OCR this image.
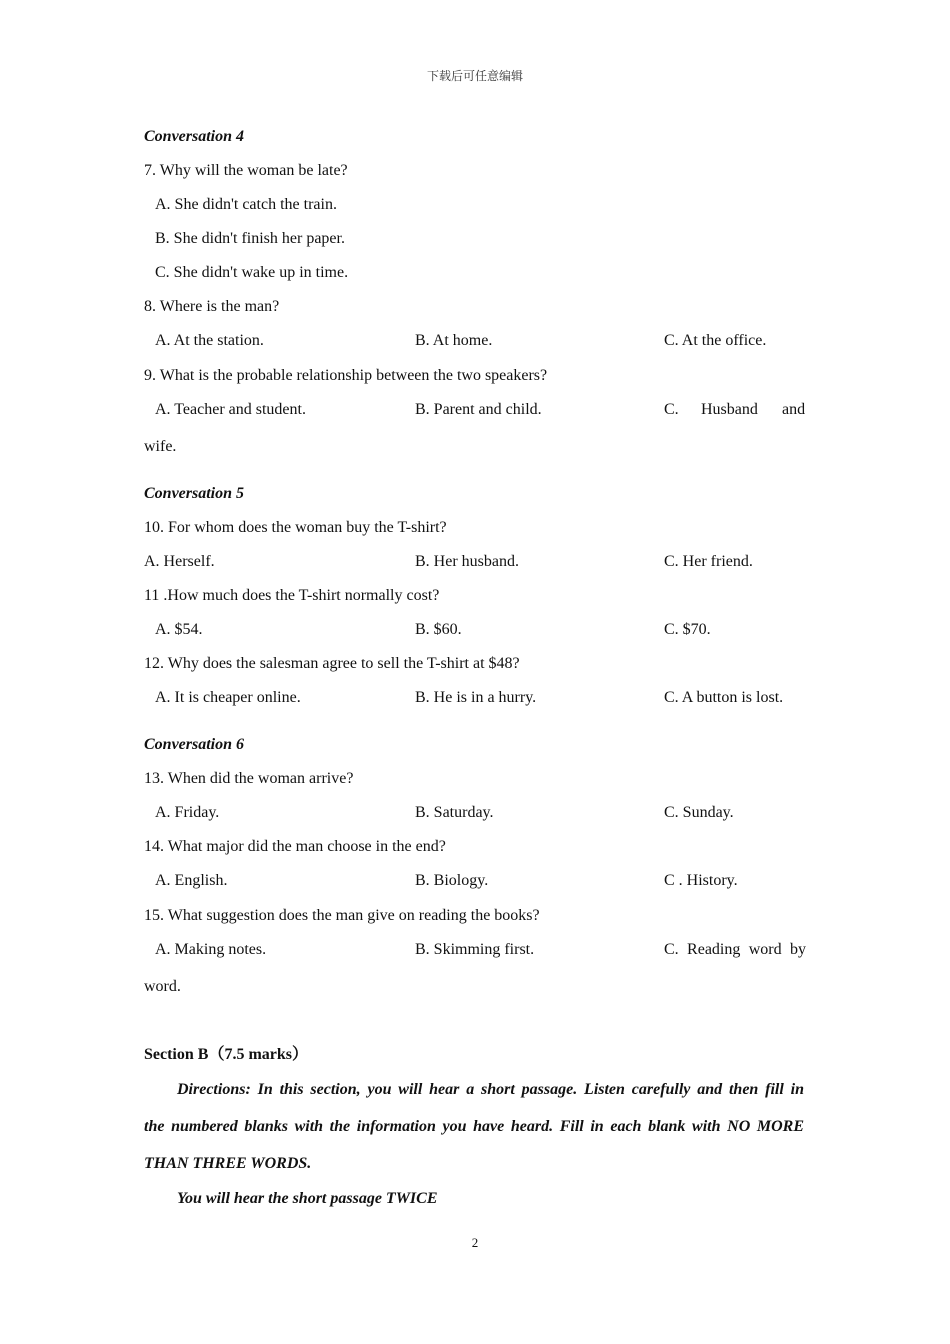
下载后可任意编辑
Conversation 4
7. Why will the woman be late?
A. She didn't catch the train.
B. She didn't finish her paper.
C. She didn't wake up in time.
8. Where is the man?
A. At the station.	B. At home.	C. At the office.
9. What is the probable relationship between the two speakers?
A. Teacher and student.	B. Parent and child.	C. Husband and
wife.
Conversation 5
10. For whom does the woman buy the T-shirt?
A. Herself.	B. Her husband.	C. Her friend.
11 .How much does the T-shirt normally cost?
A. $54.	B. $60.	C. $70.
12. Why does the salesman agree to sell the T-shirt at $48?
A. It is cheaper online.	B. He is in a hurry.	C. A button is lost.
Conversation 6
13. When did the woman arrive?
A. Friday.	B. Saturday.	C. Sunday.
14. What major did the man choose in the end?
A. English.	B. Biology.	C . History.
15. What suggestion does the man give on reading the books?
A. Making notes.	B. Skimming first.	C. Reading word by
word.
Section B（7.5 marks）
Directions: In this section, you will hear a short passage. Listen carefully and then fill in
the numbered blanks with the information you have heard. Fill in each blank with NO MORE
THAN THREE WORDS.
You will hear the short passage TWICE
2
